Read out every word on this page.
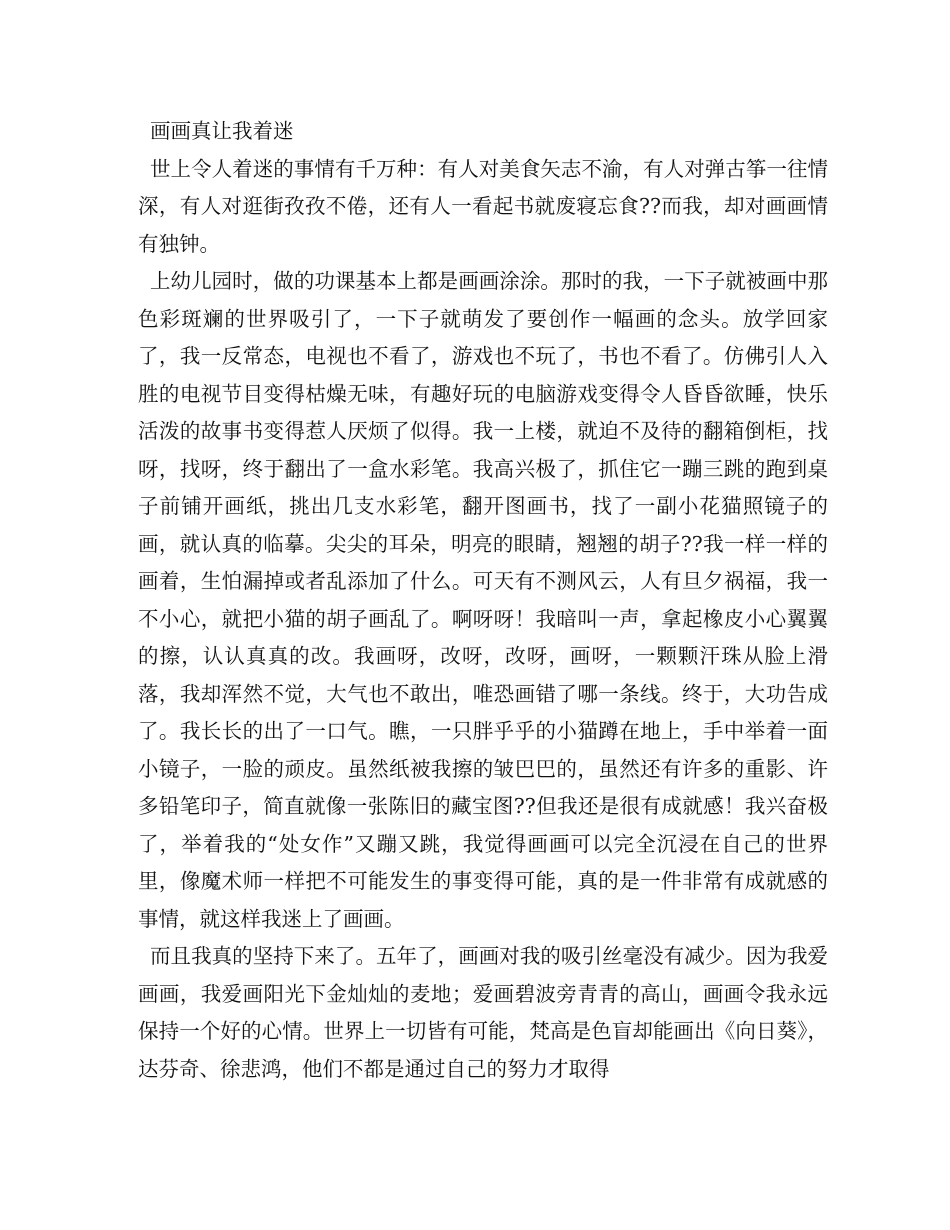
画画真让我着迷

世上令人着迷的事情有千万种：有人对美食矢志不渝，有人对弹古筝一往情深，有人对逛街孜孜不倦，还有人一看起书就废寝忘食??而我，却对画画情有独钟。

上幼儿园时，做的功课基本上都是画画涂涂。那时的我，一下子就被画中那色彩斑斓的世界吸引了，一下子就萌发了要创作一幅画的念头。放学回家了，我一反常态，电视也不看了，游戏也不玩了，书也不看了。仿佛引人入胜的电视节目变得枯燥无味，有趣好玩的电脑游戏变得令人昏昏欲睡，快乐活泼的故事书变得惹人厌烦了似得。我一上楼，就迫不及待的翻箱倒柜，找呀，找呀，终于翻出了一盒水彩笔。我高兴极了，抓住它一蹦三跳的跑到桌子前铺开画纸，挑出几支水彩笔，翻开图画书，找了一副小花猫照镜子的画，就认真的临摹。尖尖的耳朵，明亮的眼睛，翘翘的胡子??我一样一样的画着，生怕漏掉或者乱添加了什么。可天有不测风云，人有旦夕祸福，我一不小心，就把小猫的胡子画乱了。啊呀呀！我暗叫一声，拿起橡皮小心翼翼的擦，认认真真的改。我画呀，改呀，改呀，画呀，一颗颗汗珠从脸上滑落，我却浑然不觉，大气也不敢出，唯恐画错了哪一条线。终于，大功告成了。我长长的出了一口气。瞧，一只胖乎乎的小猫蹲在地上，手中举着一面小镜子，一脸的顽皮。虽然纸被我擦的皱巴巴的，虽然还有许多的重影、许多铅笔印子，简直就像一张陈旧的藏宝图??但我还是很有成就感！我兴奋极了，举着我的“处女作”又蹦又跳，我觉得画画可以完全沉浸在自己的世界里，像魔术师一样把不可能发生的事变得可能，真的是一件非常有成就感的事情，就这样我迷上了画画。

而且我真的坚持下来了。五年了，画画对我的吸引丝毫没有减少。因为我爱画画，我爱画阳光下金灿灿的麦地；爱画碧波旁青青的高山，画画令我永远保持一个好的心情。世界上一切皆有可能，梵高是色盲却能画出《向日葵》，达芬奇、徐悲鸿，他们不都是通过自己的努力才取得
